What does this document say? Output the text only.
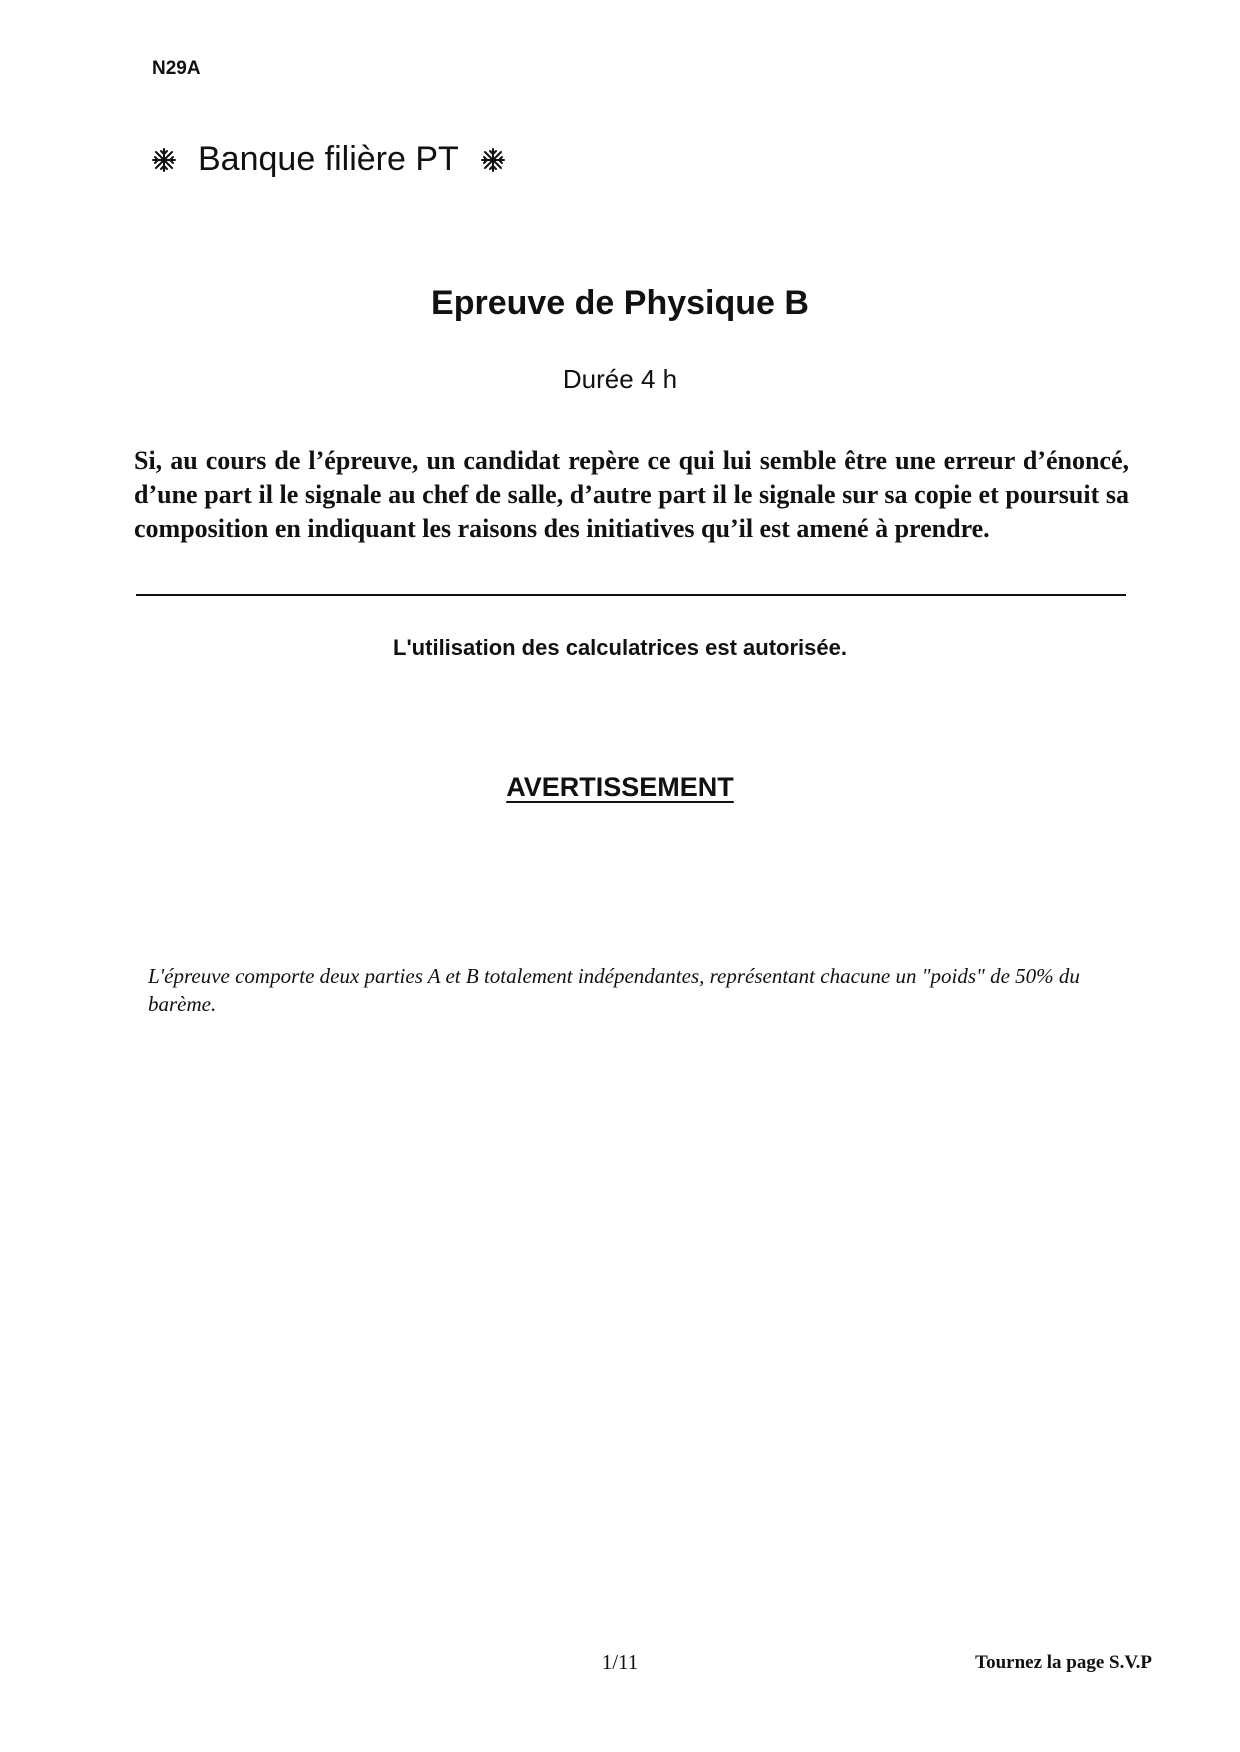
N29A
Banque filière PT
Epreuve de Physique B
Durée 4 h
Si, au cours de l’épreuve, un candidat repère ce qui lui semble être une erreur d’énoncé, d’une part il le signale au chef de salle, d’autre part il le signale sur sa copie et poursuit sa composition en indiquant les raisons des initiatives qu’il est amené à prendre.
L'utilisation des calculatrices est autorisée.
AVERTISSEMENT
L'épreuve comporte deux parties A et B totalement indépendantes, représentant chacune un "poids" de 50% du barème.
1/11	Tournez la page S.V.P
